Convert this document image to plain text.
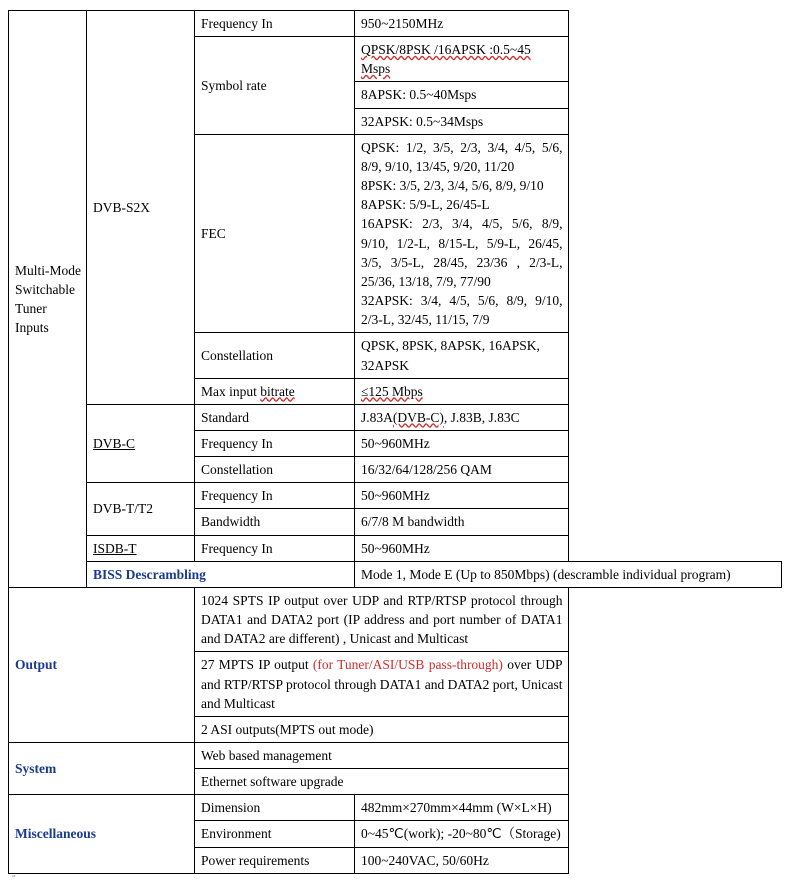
Multi-Mode Switchable Tuner Inputs	DVB-S2X	Frequency In	950~2150MHz
		Symbol rate	QPSK/8PSK /16APSK :0.5~45 Msps
			8APSK: 0.5~40Msps
			32APSK: 0.5~34Msps
		FEC	QPSK: 1/2, 3/5, 2/3, 3/4, 4/5, 5/6, 8/9, 9/10, 13/45, 9/20, 11/20
8PSK: 3/5, 2/3, 3/4, 5/6, 8/9, 9/10
8APSK: 5/9-L, 26/45-L
16APSK: 2/3, 3/4, 4/5, 5/6, 8/9, 9/10, 1/2-L, 8/15-L, 5/9-L, 26/45, 3/5, 3/5-L, 28/45, 23/36 , 2/3-L, 25/36, 13/18, 7/9, 77/90
32APSK: 3/4, 4/5, 5/6, 8/9, 9/10, 2/3-L, 32/45, 11/15, 7/9

		Constellation	QPSK, 8PSK, 8APSK, 16APSK, 32APSK
		Max input bitrate	≤125 Mbps
	DVB-C	Standard	J.83A(DVB-C), J.83B, J.83C
		Frequency In	50~960MHz
		Constellation	16/32/64/128/256 QAM
	DVB-T/T2	Frequency In	50~960MHz
		Bandwidth	6/7/8 M bandwidth
	ISDB-T	Frequency In	50~960MHz
	BISS Descrambling		Mode 1, Mode E (Up to 850Mbps) (descramble individual program)
Output		1024 SPTS IP output over UDP and RTP/RTSP protocol through DATA1 and DATA2 port (IP address and port number of DATA1 and DATA2 are different) , Unicast and Multicast	
		27 MPTS IP output (for Tuner/ASI/USB pass-through) over UDP and RTP/RTSP protocol through DATA1 and DATA2 port, Unicast and Multicast	
		2 ASI outputs(MPTS out mode)	
System		Web based management	
		Ethernet software upgrade	
Miscellaneous		Dimension	482mm×270mm×44mm (W×L×H)
		Environment	0~45℃(work); -20~80℃（Storage)
		Power requirements	100~240VAC, 50/60Hz
¨
